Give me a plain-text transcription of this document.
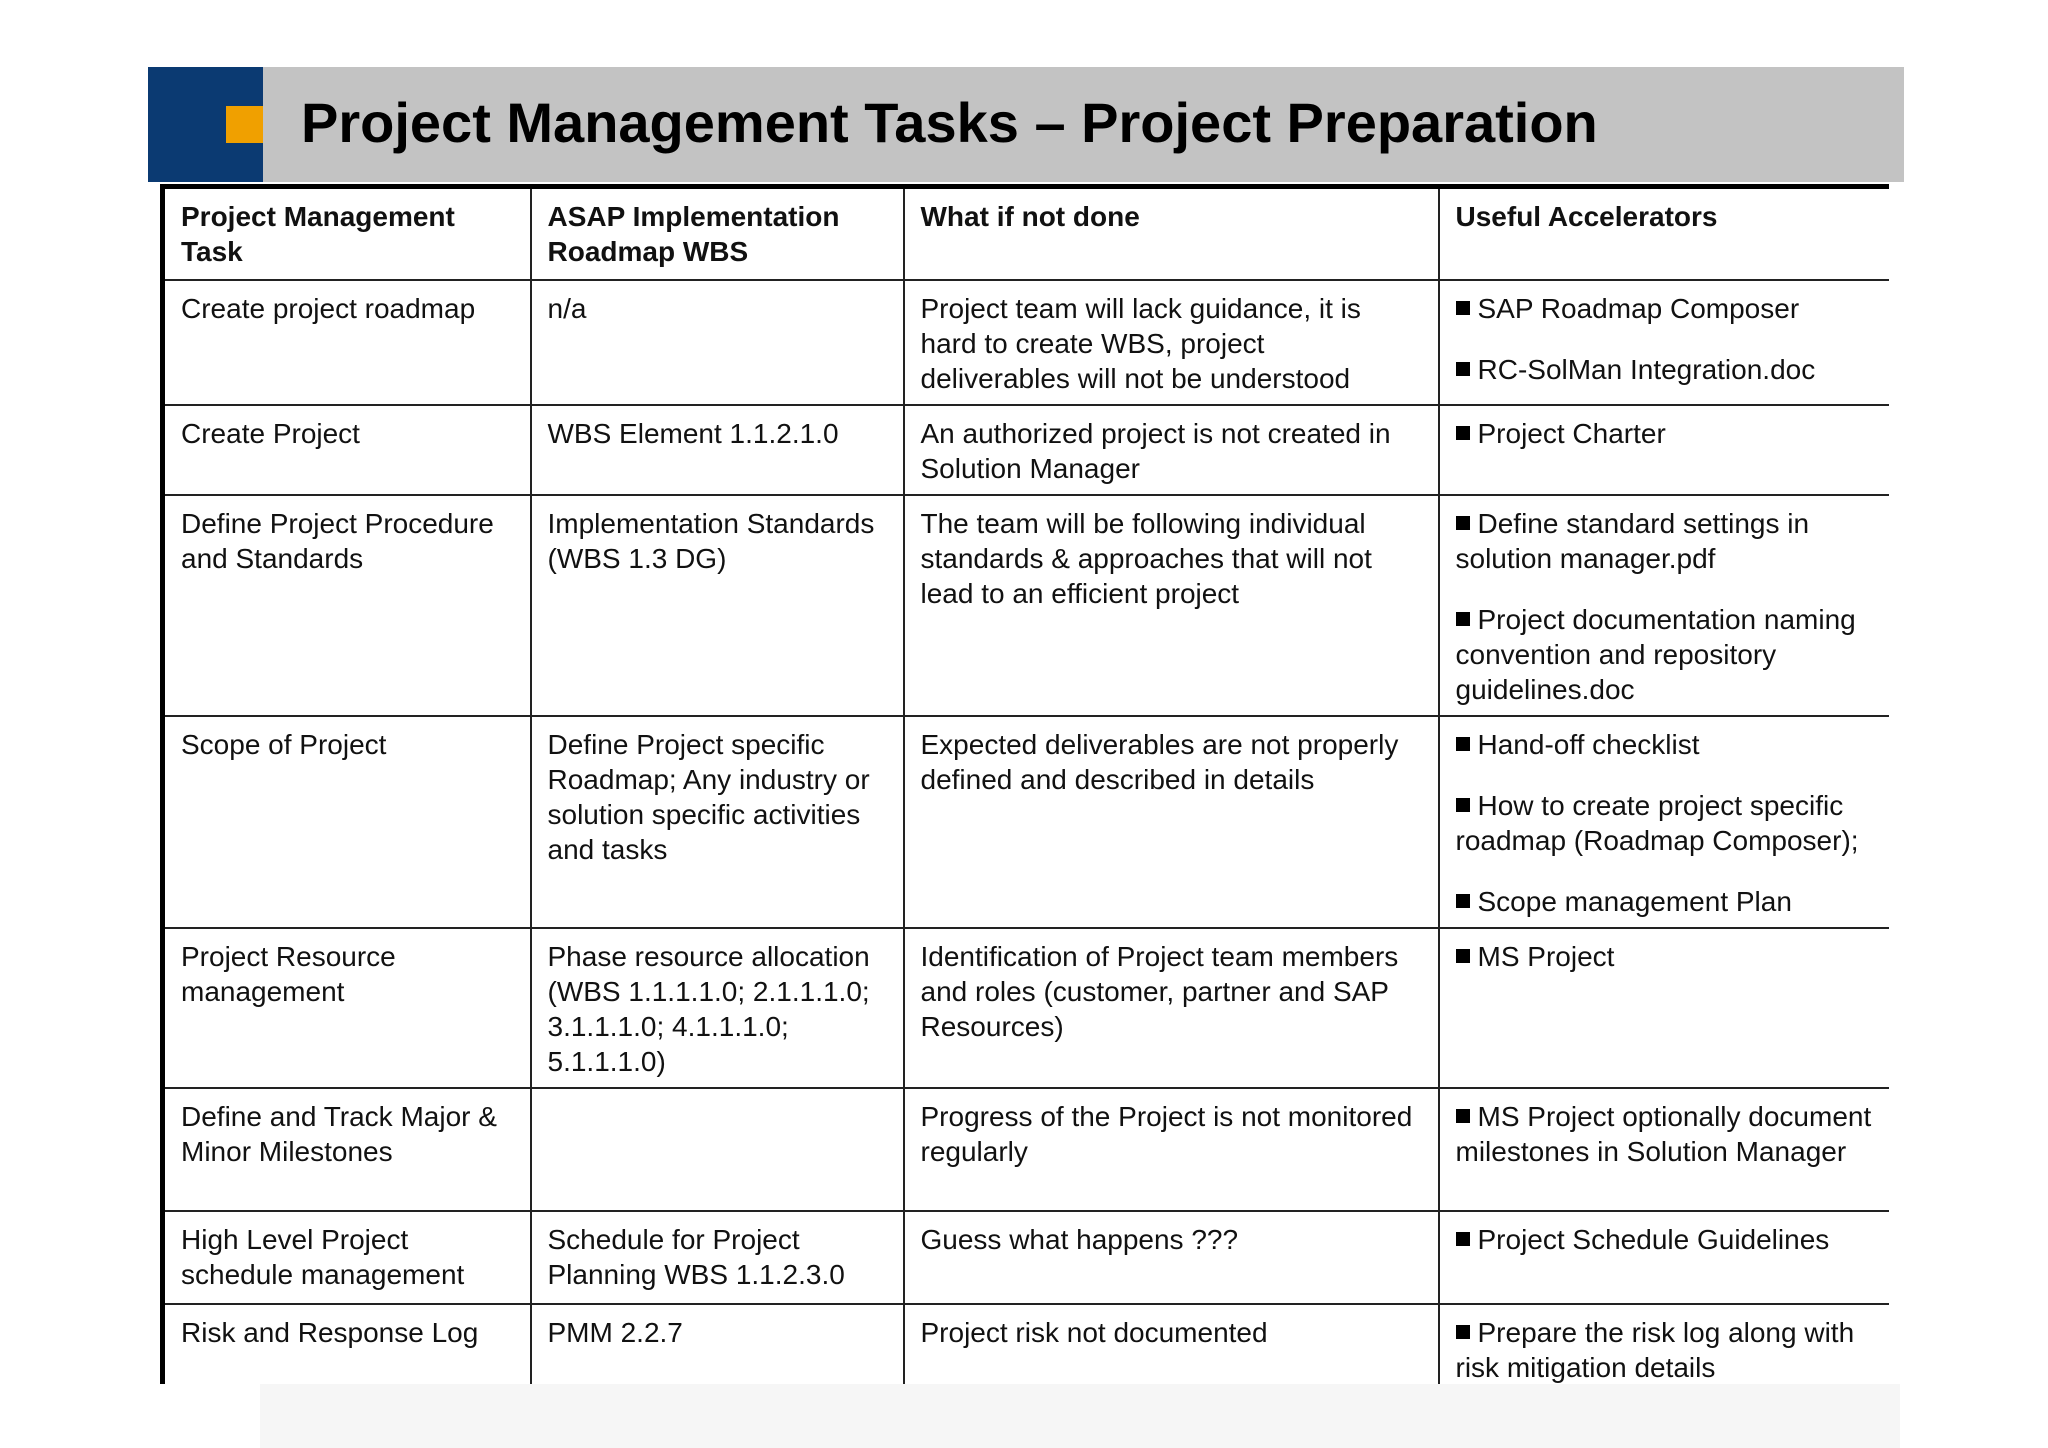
Project Management Tasks – Project Preparation
Project Management Task	ASAP Implementation Roadmap WBS	What if not done	Useful Accelerators
Create project roadmap	n/a	Project team will lack guidance, it is hard to create WBS, project deliverables will not be understood	SAP Roadmap Composer
RC-SolMan Integration.doc

Create Project	WBS Element 1.1.2.1.0	An authorized project is not created in Solution Manager	Project Charter

Define Project Procedure and Standards	Implementation Standards (WBS 1.3 DG)	The team will be following individual standards & approaches that will not lead to an efficient project	Define standard settings in solution manager.pdf
Project documentation naming convention and repository guidelines.doc

Scope of Project	Define Project specific Roadmap; Any industry or solution specific activities and tasks	Expected deliverables are not properly defined and described in details	Hand-off checklist
How to create project specific roadmap (Roadmap Composer);
Scope management Plan

Project Resource management	Phase resource allocation (WBS 1.1.1.1.0; 2.1.1.1.0; 3.1.1.1.0; 4.1.1.1.0; 5.1.1.1.0)	Identification of Project team members and roles (customer, partner and SAP Resources)	MS Project

Define and Track Major & Minor Milestones		Progress of the Project is not monitored regularly	MS Project optionally document milestones in Solution Manager

High Level Project schedule management	Schedule for Project Planning WBS 1.1.2.3.0	Guess what happens ???	Project Schedule Guidelines

Risk and Response Log	PMM 2.2.7	Project risk not documented	Prepare the risk log along with risk mitigation details
